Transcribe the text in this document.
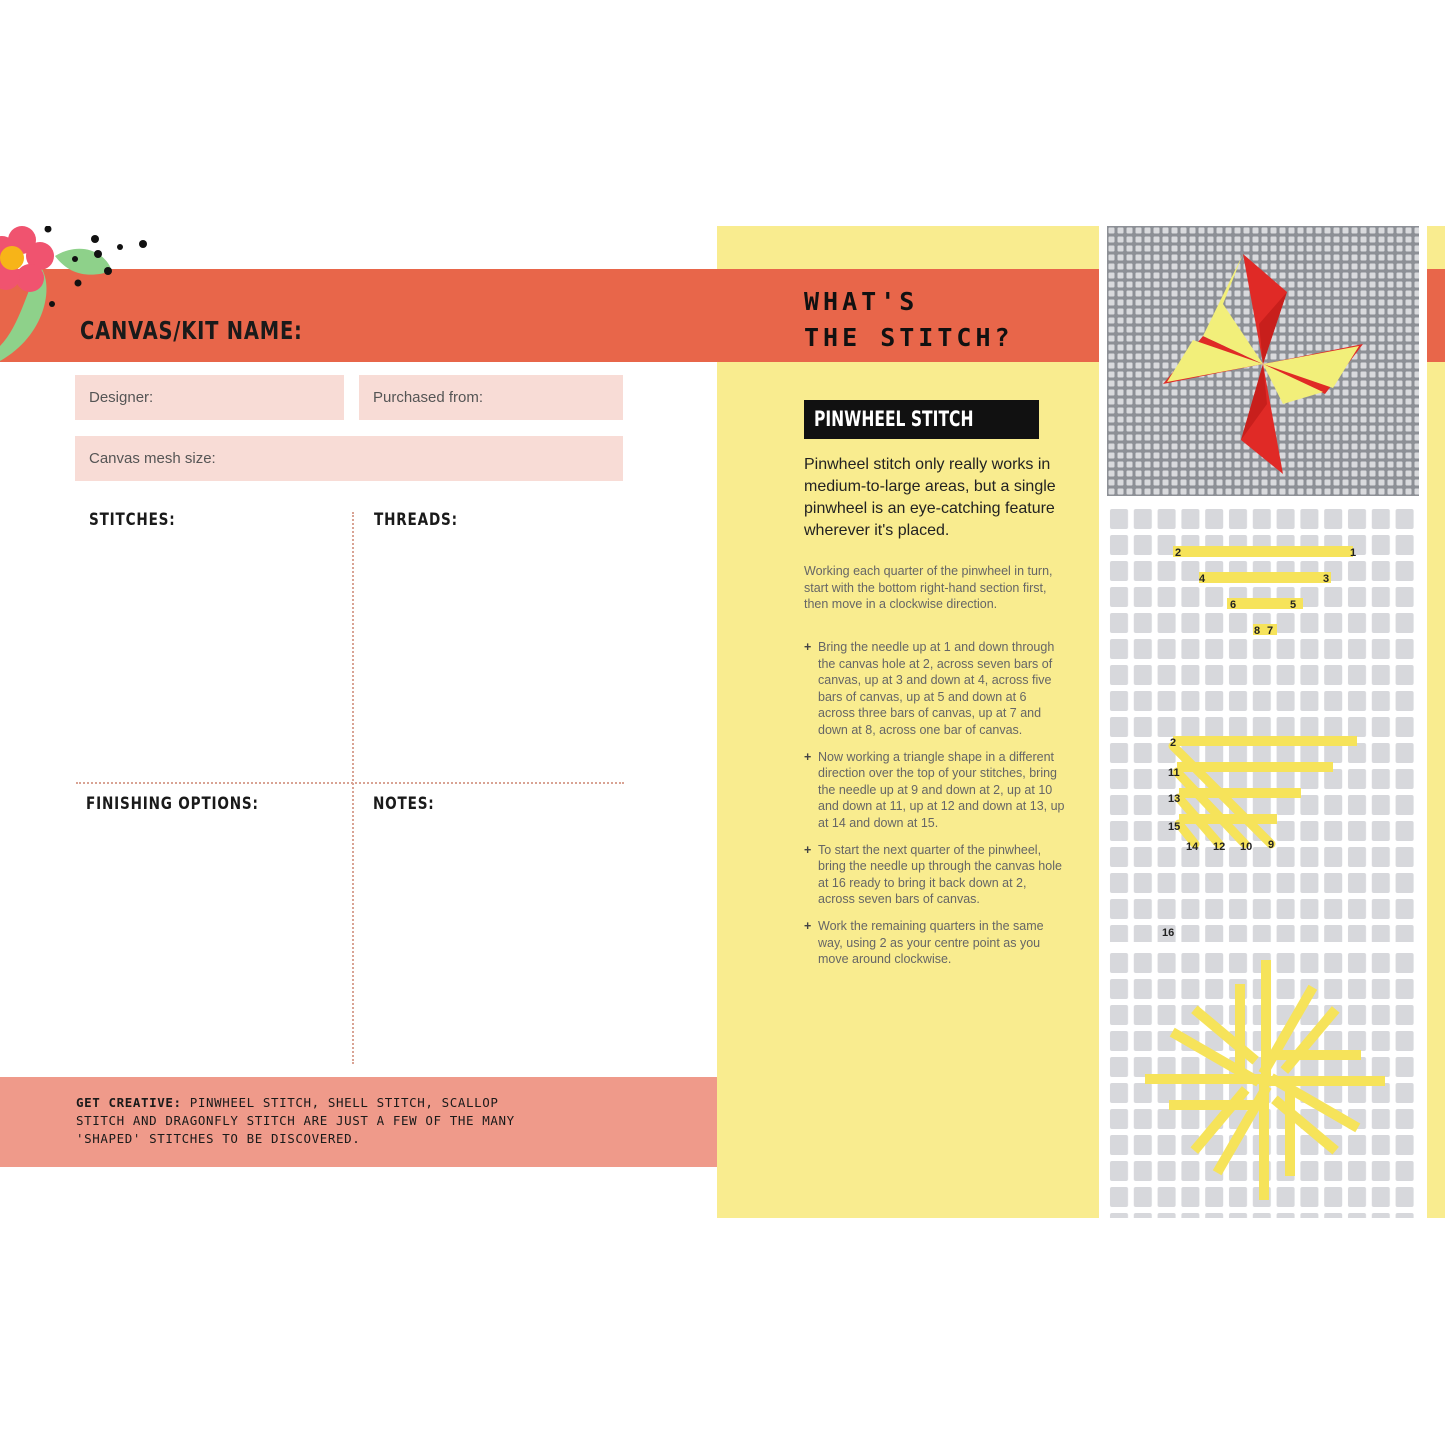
CANVAS/KIT NAME:
Designer:	Purchased from:
Canvas mesh size:
STITCHES:	THREADS:
FINISHING OPTIONS:	NOTES:
GET CREATIVE: PINWHEEL STITCH, SHELL STITCH, SCALLOP STITCH AND DRAGONFLY STITCH ARE JUST A FEW OF THE MANY 'SHAPED' STITCHES TO BE DISCOVERED.
WHAT'S
THE STITCH?
PINWHEEL STITCH

Pinwheel stitch only really works in medium-to-large areas, but a single pinwheel is an eye-catching feature wherever it's placed.

Working each quarter of the pinwheel in turn, start with the bottom right-hand section first, then move in a clockwise direction.

+ Bring the needle up at 1 and down through the canvas hole at 2, across seven bars of canvas, up at 3 and down at 4, across five bars of canvas, up at 5 and down at 6 across three bars of canvas, up at 7 and down at 8, across one bar of canvas.
+ Now working a triangle shape in a different direction over the top of your stitches, bring the needle up at 9 and down at 2, up at 10 and down at 11, up at 12 and down at 13, up at 14 and down at 15.
+ To start the next quarter of the pinwheel, bring the needle up through the canvas hole at 16 ready to bring it back down at 2, across seven bars of canvas.
+ Work the remaining quarters in the same way, using 2 as your centre point as you move around clockwise.
2	1
4	3
6	5
8 7
2
11
13
15
14 12 10 9
16
